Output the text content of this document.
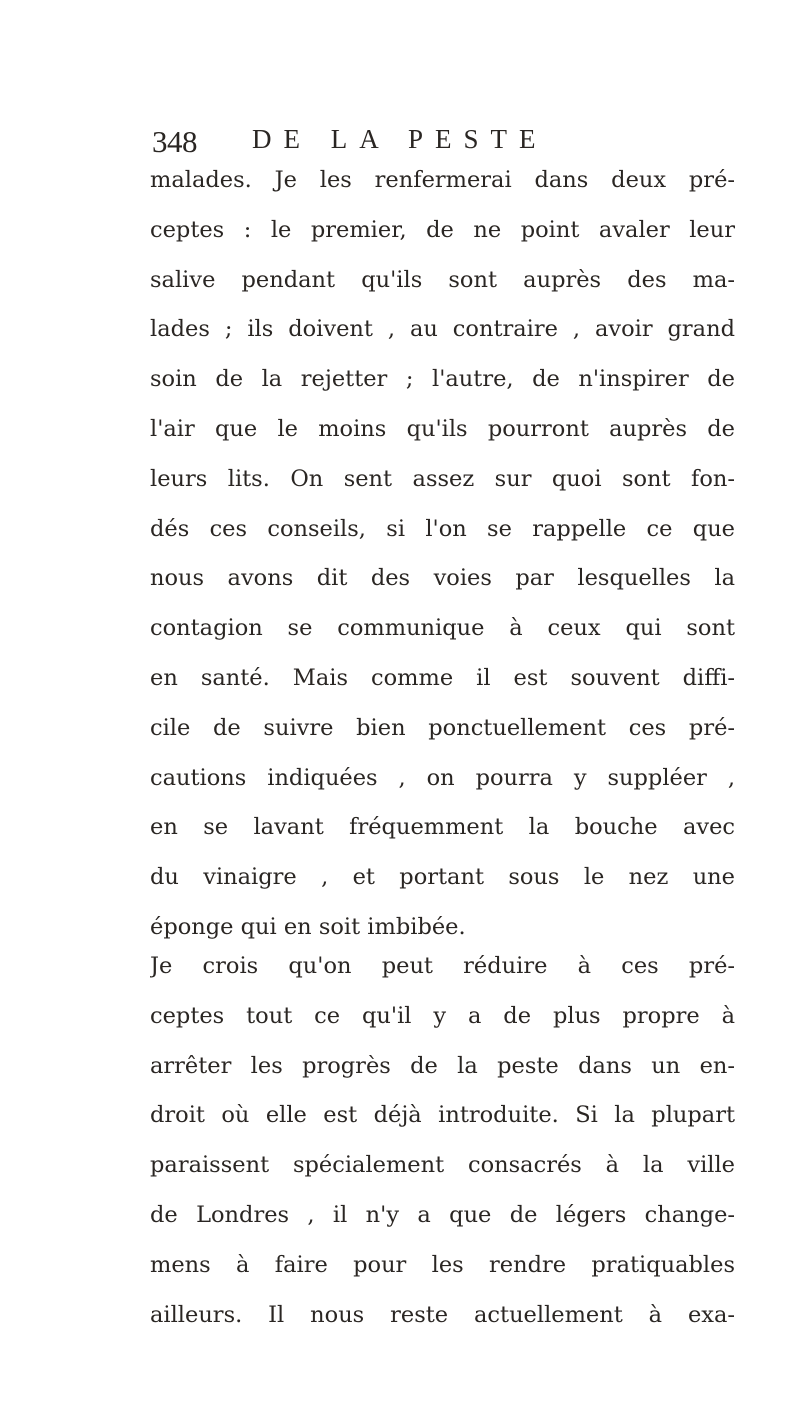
348 DE LA PESTE
malades. Je les renfermerai dans deux pré-
ceptes : le premier, de ne point avaler leur
salive pendant qu'ils sont auprès des ma-
lades ; ils doivent , au contraire , avoir grand
soin de la rejetter ; l'autre, de n'inspirer de
l'air que le moins qu'ils pourront auprès de
leurs lits. On sent assez sur quoi sont fon-
dés ces conseils, si l'on se rappelle ce que
nous avons dit des voies par lesquelles la
contagion se communique à ceux qui sont
en santé. Mais comme il est souvent diffi-
cile de suivre bien ponctuellement ces pré-
cautions indiquées , on pourra y suppléer ,
en se lavant fréquemment la bouche avec
du vinaigre , et portant sous le nez une
éponge qui en soit imbibée.
Je crois qu'on peut réduire à ces pré-
ceptes tout ce qu'il y a de plus propre à
arrêter les progrès de la peste dans un en-
droit où elle est déjà introduite. Si la plupart
paraissent spécialement consacrés à la ville
de Londres , il n'y a que de légers change-
mens à faire pour les rendre pratiquables
ailleurs. Il nous reste actuellement à exa-
